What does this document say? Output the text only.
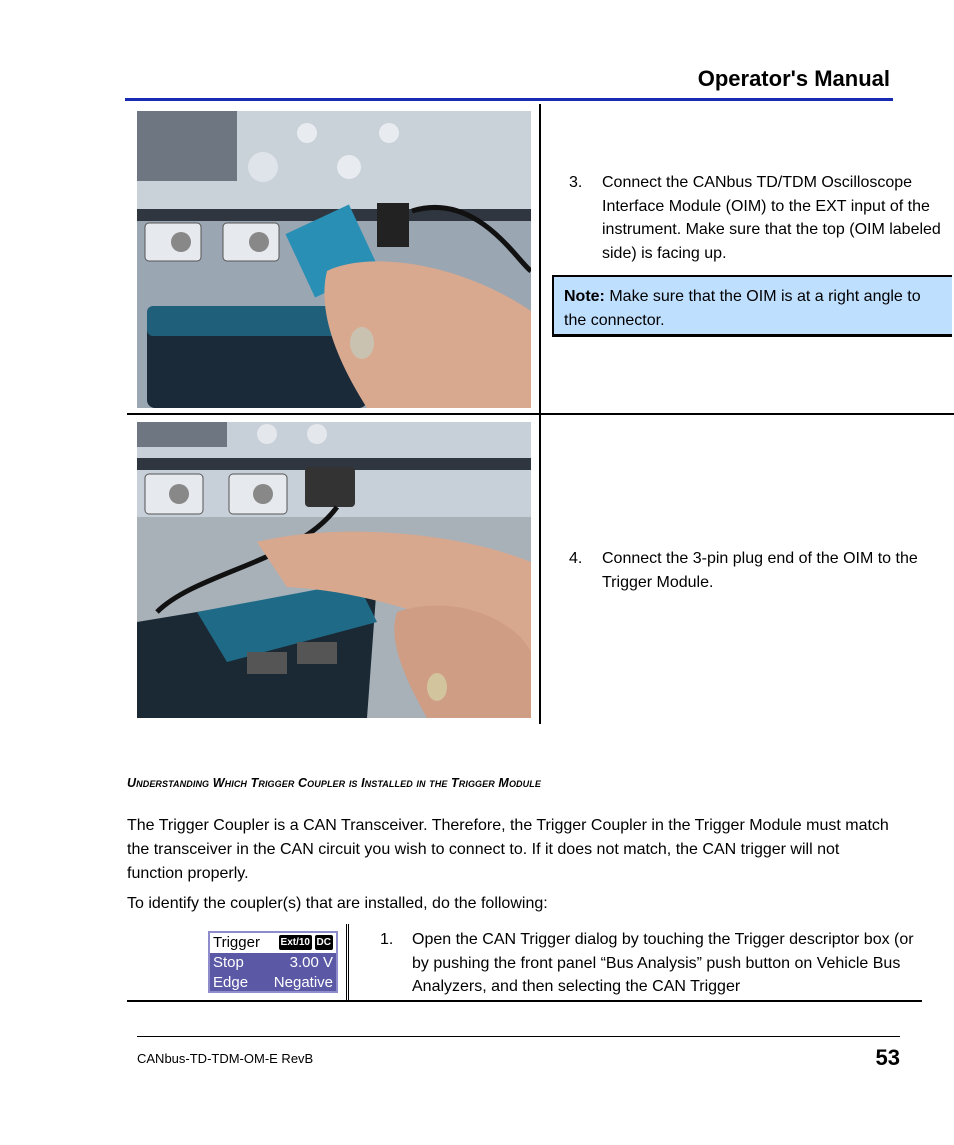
Operator's Manual
3. Connect the CANbus TD/TDM Oscilloscope Interface Module (OIM) to the EXT input of the instrument. Make sure that the top (OIM labeled side) is facing up.
Note: Make sure that the OIM is at a right angle to the connector.
4. Connect the 3-pin plug end of the OIM to the Trigger Module.
Understanding Which Trigger Coupler is Installed in the Trigger Module
The Trigger Coupler is a CAN Transceiver. Therefore, the Trigger Coupler in the Trigger Module must match the transceiver in the CAN circuit you wish to connect to. If it does not match, the CAN trigger will not function properly.
To identify the coupler(s) that are installed, do the following:
Trigger Ext/10 DC
Stop	3.00 V
Edge Negative
1. Open the CAN Trigger dialog by touching the Trigger descriptor box (or by pushing the front panel “Bus Analysis” push button on Vehicle Bus Analyzers, and then selecting the CAN Trigger
CANbus-TD-TDM-OM-E RevB	53
